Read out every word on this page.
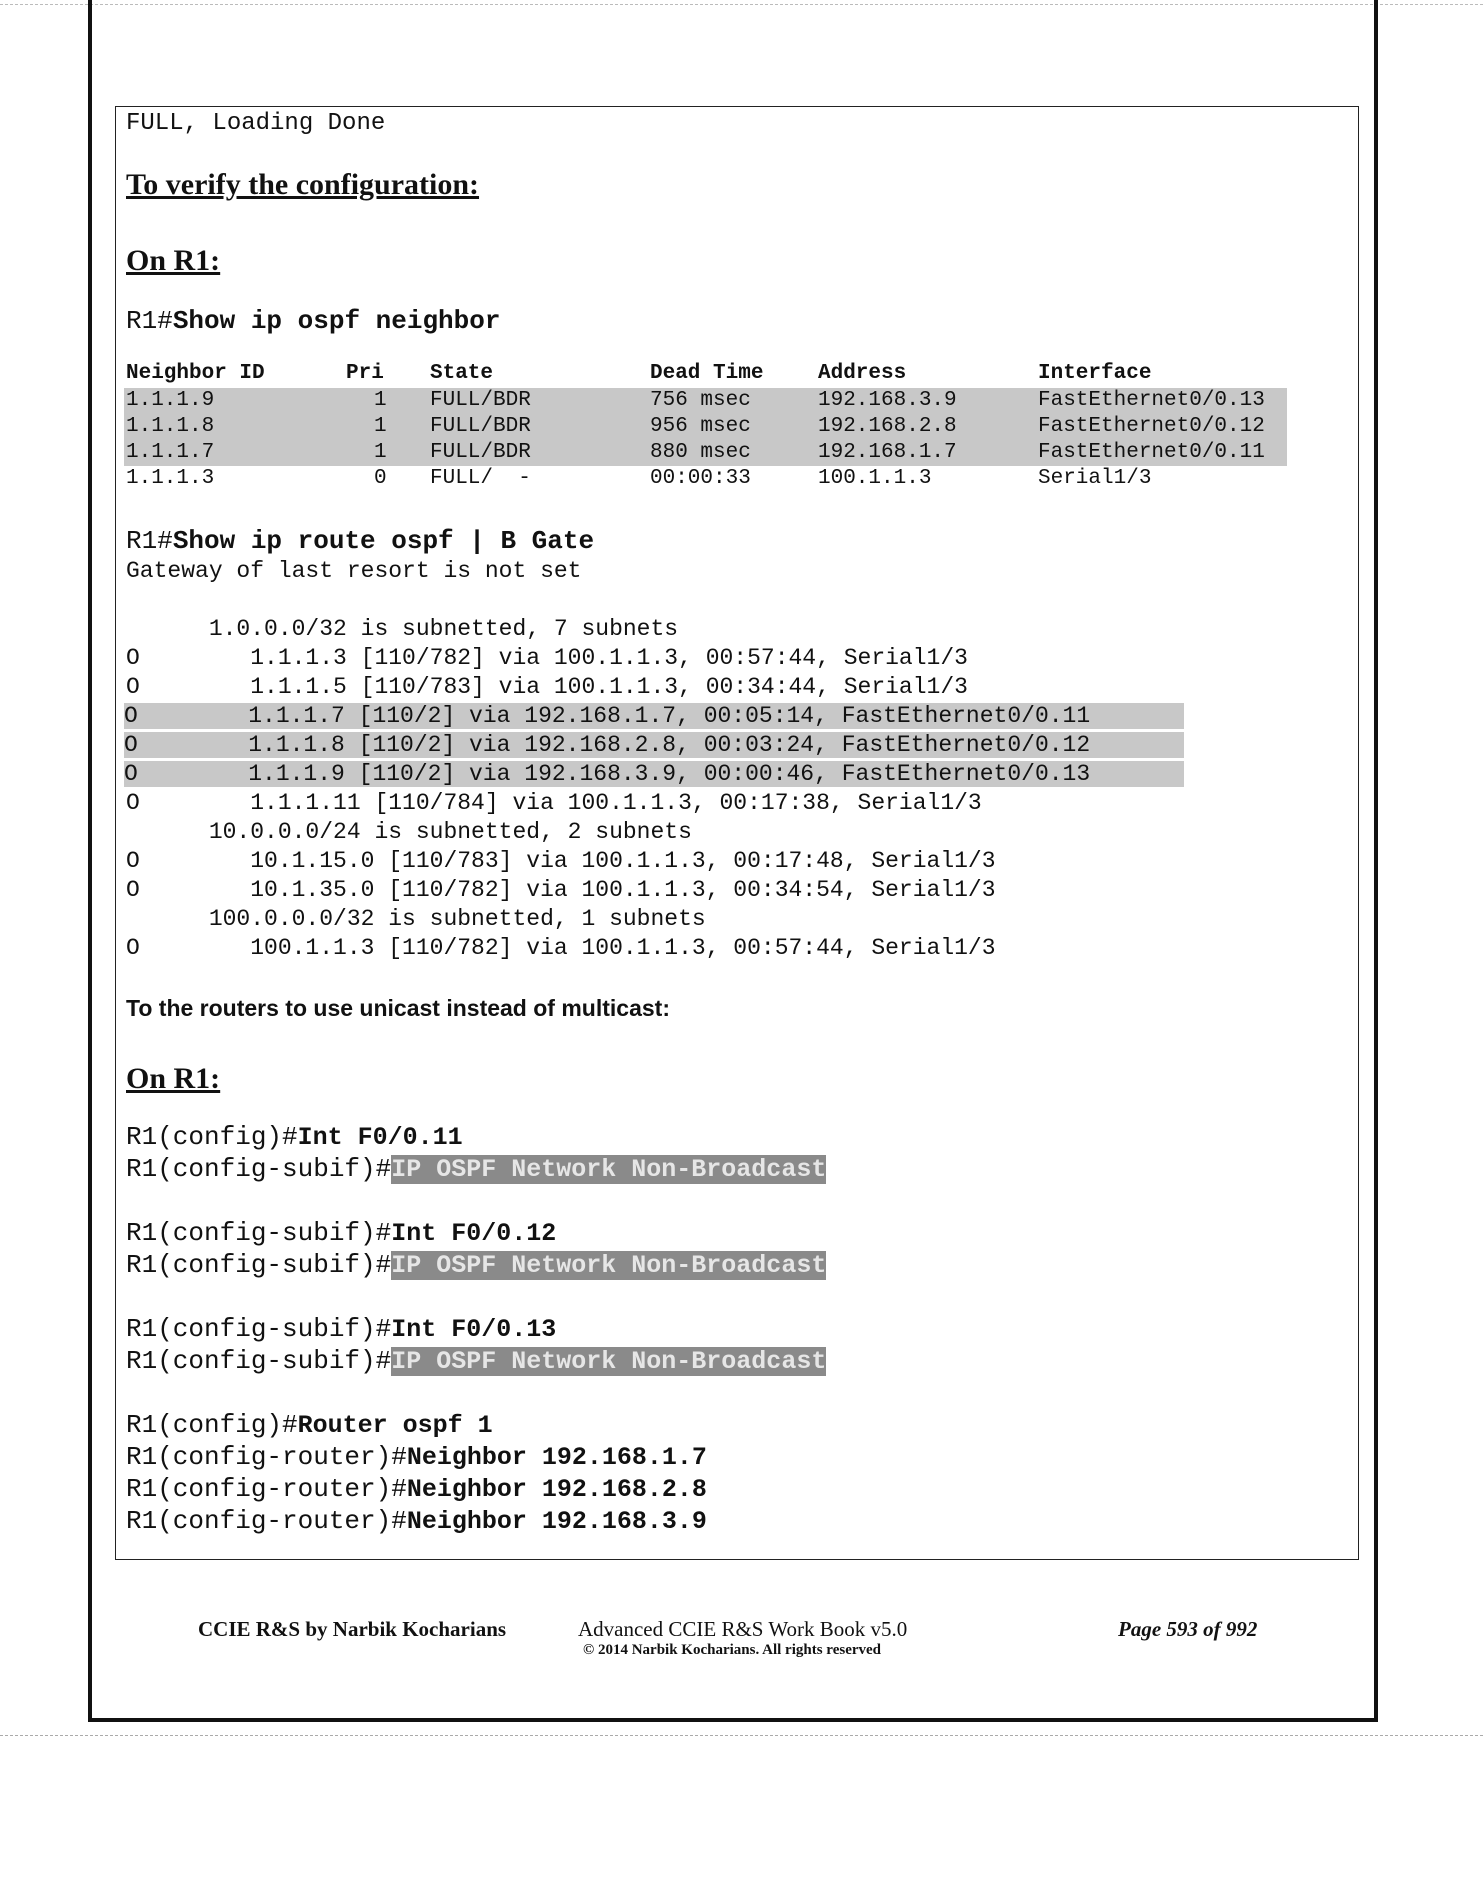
FULL, Loading Done
To verify the configuration:
On R1:
R1#Show ip ospf neighbor
Neighbor ID	Pri State	Dead Time	Address	Interface
1.1.1.9	1 FULL/BDR	756 msec	192.168.3.9	FastEthernet0/0.13
1.1.1.8	1 FULL/BDR	956 msec	192.168.2.8	FastEthernet0/0.12
1.1.1.7	1 FULL/BDR	880 msec	192.168.1.7	FastEthernet0/0.11
1.1.1.3	0 FULL/  -	00:00:33	100.1.1.3	Serial1/3
R1#Show ip route ospf | B Gate
Gateway of last resort is not set
1.0.0.0/32 is subnetted, 7 subnets
O        1.1.1.3 [110/782] via 100.1.1.3, 00:57:44, Serial1/3
O        1.1.1.5 [110/783] via 100.1.1.3, 00:34:44, Serial1/3
O        1.1.1.7 [110/2] via 192.168.1.7, 00:05:14, FastEthernet0/0.11
O        1.1.1.8 [110/2] via 192.168.2.8, 00:03:24, FastEthernet0/0.12
O        1.1.1.9 [110/2] via 192.168.3.9, 00:00:46, FastEthernet0/0.13
O        1.1.1.11 [110/784] via 100.1.1.3, 00:17:38, Serial1/3
10.0.0.0/24 is subnetted, 2 subnets
O        10.1.15.0 [110/783] via 100.1.1.3, 00:17:48, Serial1/3
O        10.1.35.0 [110/782] via 100.1.1.3, 00:34:54, Serial1/3
100.0.0.0/32 is subnetted, 1 subnets
O        100.1.1.3 [110/782] via 100.1.1.3, 00:57:44, Serial1/3
To the routers to use unicast instead of multicast:
On R1:
R1(config)#Int F0/0.11
R1(config-subif)#IP OSPF Network Non-Broadcast
R1(config-subif)#Int F0/0.12
R1(config-subif)#IP OSPF Network Non-Broadcast
R1(config-subif)#Int F0/0.13
R1(config-subif)#IP OSPF Network Non-Broadcast
R1(config)#Router ospf 1
R1(config-router)#Neighbor 192.168.1.7
R1(config-router)#Neighbor 192.168.2.8
R1(config-router)#Neighbor 192.168.3.9
CCIE R&S by Narbik Kocharians	Advanced CCIE R&S Work Book v5.0
© 2014 Narbik Kocharians. All rights reserved
Page 593 of 992
